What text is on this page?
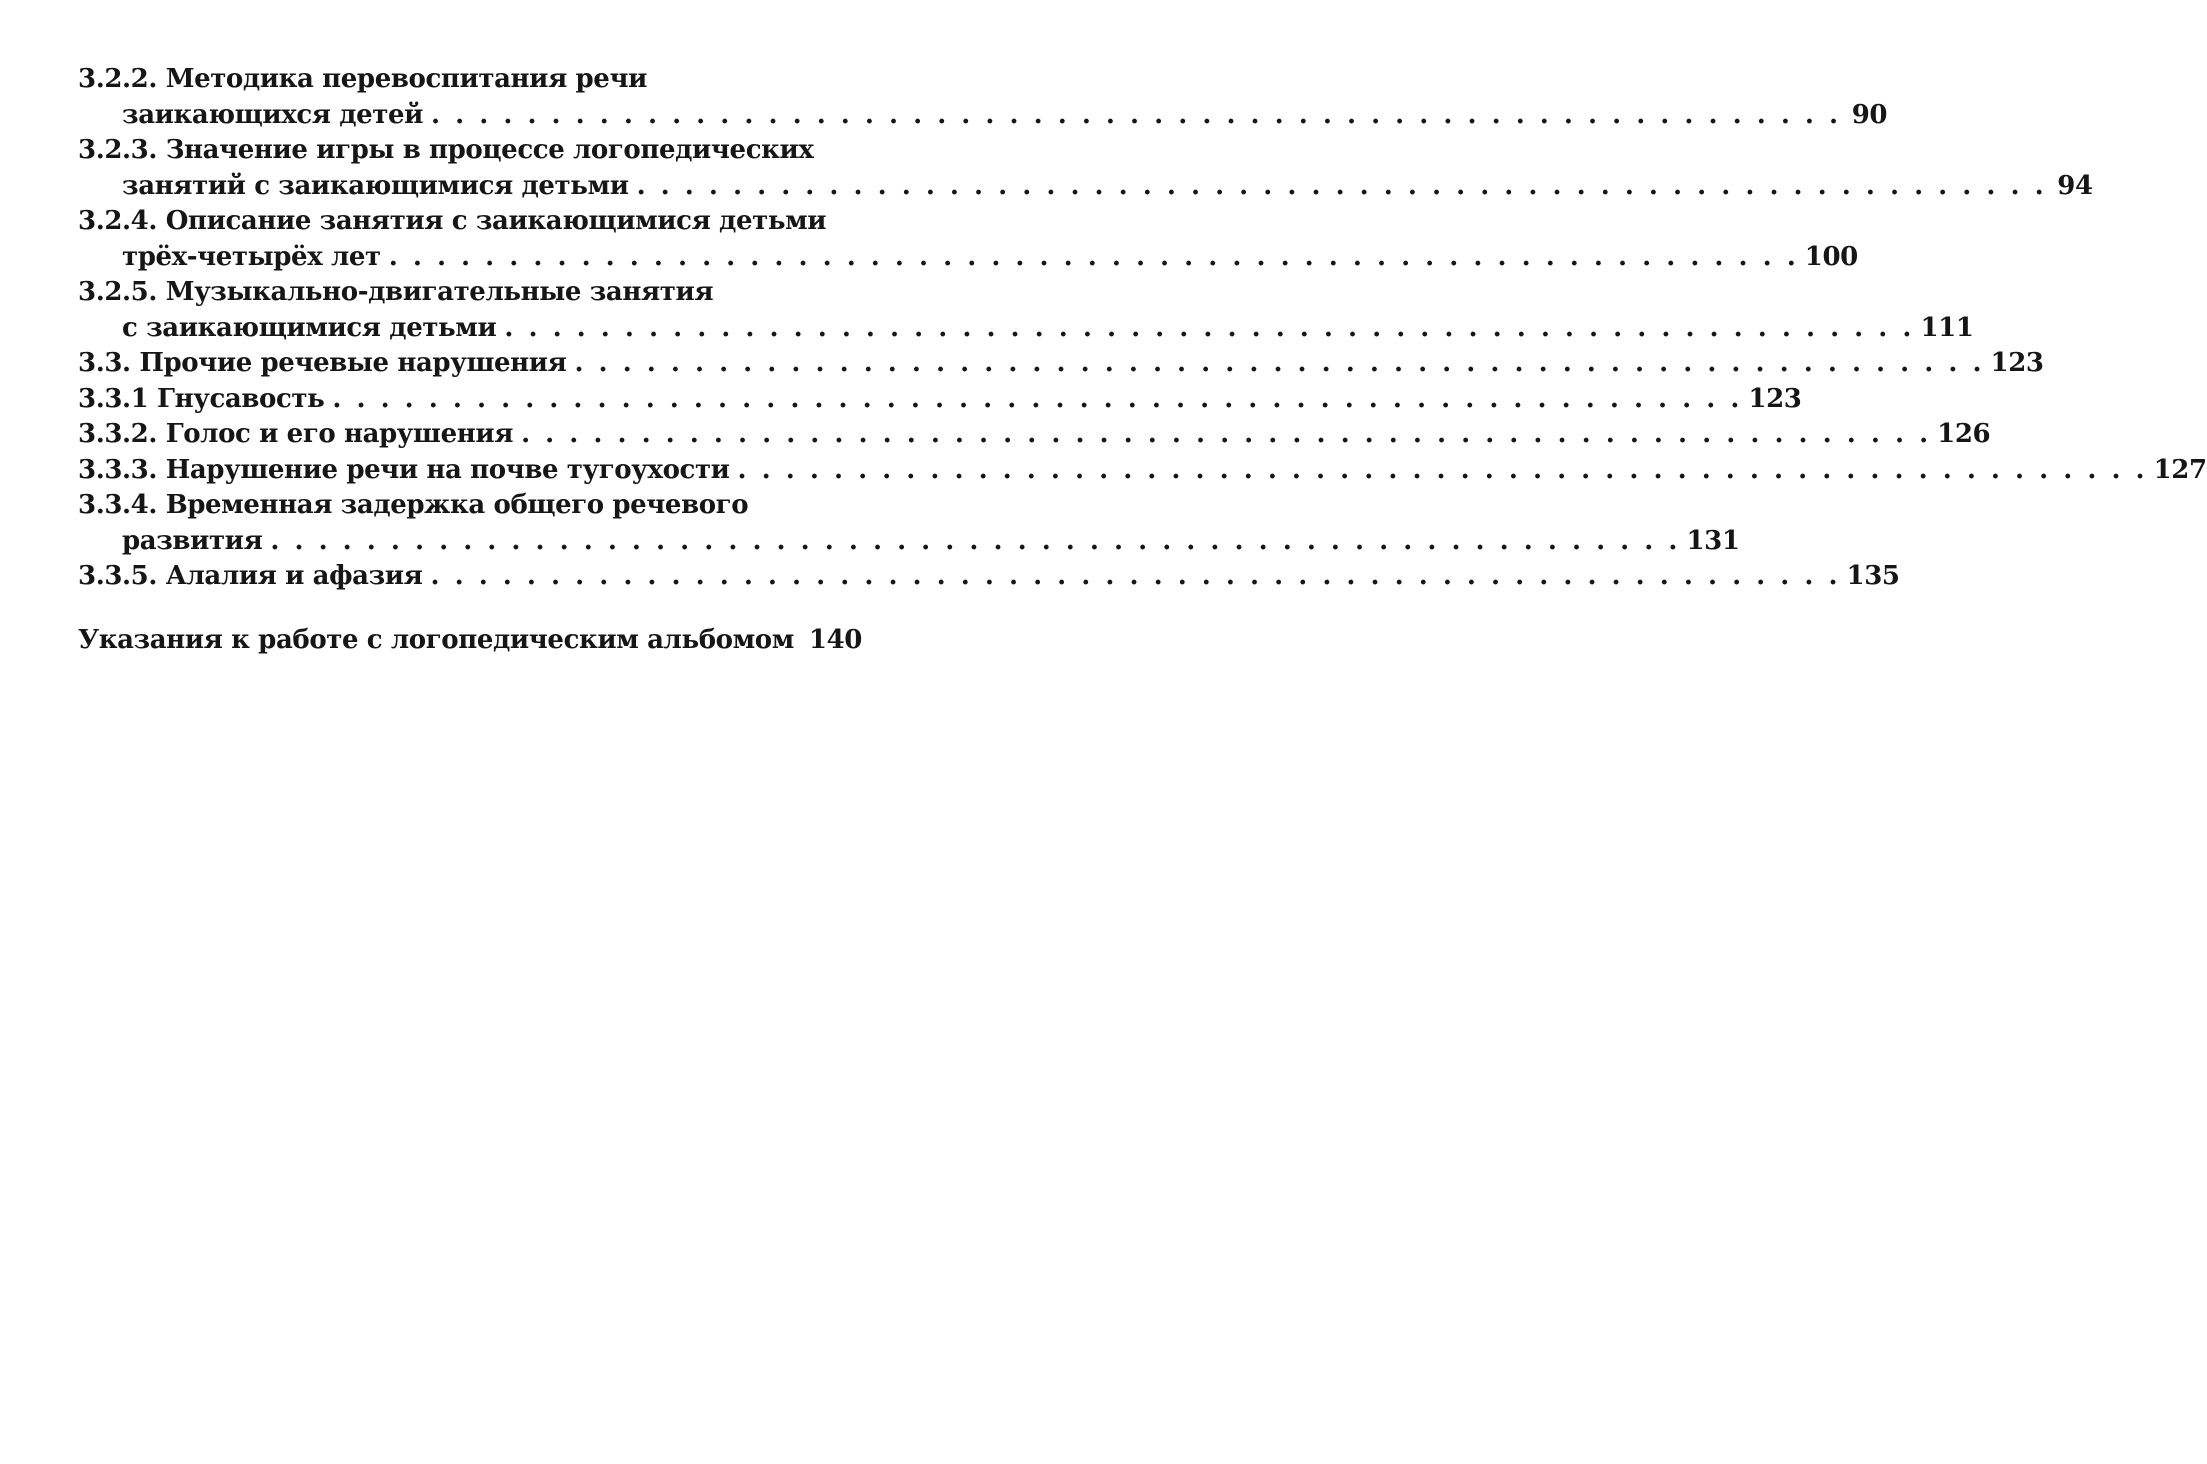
3.2.2. Методика перевоспитания речи
заикающихся детей . . . . . . . . . . . . . . . . . . . . . . . . . . . . . . . . . . . . . . . . . . . . . . . . . . . . . . . . . . . 90
3.2.3. Значение игры в процессе логопедических
занятий с заикающимися детьми . . . . . . . . . . . . . . . . . . . . . . . . . . . . . . . . . . . . . . . . . . . . . . . . . . . . . . . . . . . 94
3.2.4. Описание занятия с заикающимися детьми
трёх-четырёх лет . . . . . . . . . . . . . . . . . . . . . . . . . . . . . . . . . . . . . . . . . . . . . . . . . . . . . . . . . . . 100
3.2.5. Музыкально-двигательные занятия
с заикающимися детьми . . . . . . . . . . . . . . . . . . . . . . . . . . . . . . . . . . . . . . . . . . . . . . . . . . . . . . . . . . . 111
3.3. Прочие речевые нарушения . . . . . . . . . . . . . . . . . . . . . . . . . . . . . . . . . . . . . . . . . . . . . . . . . . . . . . . . . . . 123
3.3.1 Гнусавость . . . . . . . . . . . . . . . . . . . . . . . . . . . . . . . . . . . . . . . . . . . . . . . . . . . . . . . . . . . 123
3.3.2. Голос и его нарушения . . . . . . . . . . . . . . . . . . . . . . . . . . . . . . . . . . . . . . . . . . . . . . . . . . . . . . . . . . . 126
3.3.3. Нарушение речи на почве тугоухости . . . . . . . . . . . . . . . . . . . . . . . . . . . . . . . . . . . . . . . . . . . . . . . . . . . . . . . . . . . 127
3.3.4. Временная задержка общего речевого
развития . . . . . . . . . . . . . . . . . . . . . . . . . . . . . . . . . . . . . . . . . . . . . . . . . . . . . . . . . . . 131
3.3.5. Алалия и афазия . . . . . . . . . . . . . . . . . . . . . . . . . . . . . . . . . . . . . . . . . . . . . . . . . . . . . . . . . . . 135
Указания к работе с логопедическим альбомом 140
